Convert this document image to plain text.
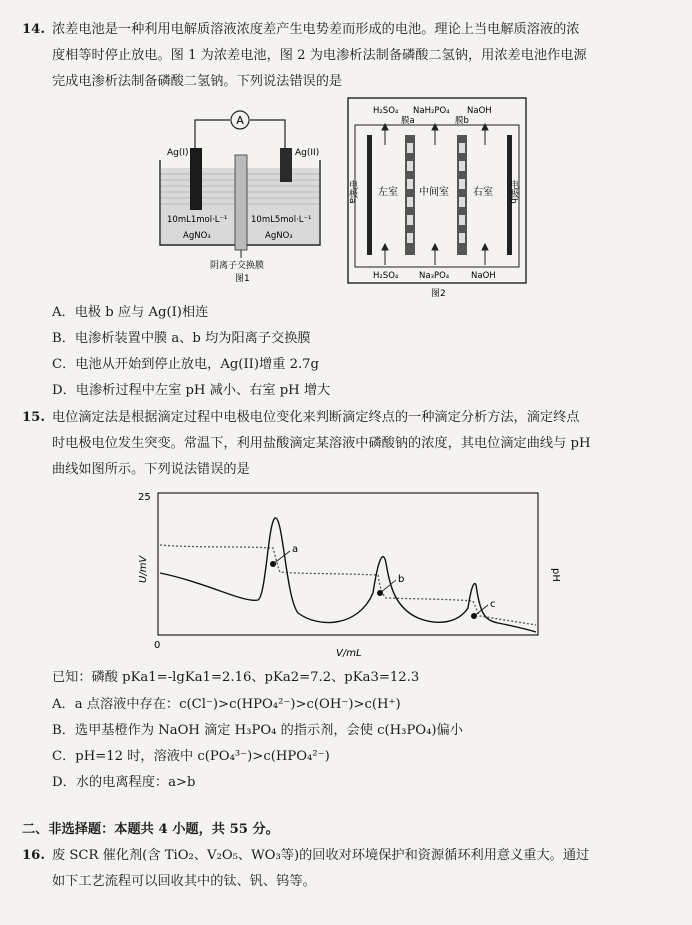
14. 浓差电池是一种利用电解质溶液浓度差产生电势差而形成的电池。理论上当电解质溶液的浓
度相等时停止放电。图 1 为浓差电池，图 2 为电渗析法制备磷酸二氢钠，用浓差电池作电源
完成电渗析法制备磷酸二氢钠。下列说法错误的是
A
Ag(I)	Ag(II)
10mL1mol·L⁻¹	10mL5mol·L⁻¹
AgNO₃	AgNO₃
阴离子交换膜
图1
H₂SO₄ NaH₂PO₄ NaOH
膜a	膜b
电极a	电极b
左室 中间室 右室
H₂SO₄ Na₃PO₄	NaOH
图2
A．电极 b 应与 Ag(I)相连
B．电渗析装置中膜 a、b 均为阳离子交换膜
C．电池从开始到停止放电，Ag(II)增重 2.7g
D．电渗析过程中左室 pH 减小、右室 pH 增大
15. 电位滴定法是根据滴定过程中电极电位变化来判断滴定终点的一种滴定分析方法，滴定终点
时电极电位发生突变。常温下，利用盐酸滴定某溶液中磷酸钠的浓度，其电位滴定曲线与 pH
曲线如图所示。下列说法错误的是
25
0
U/mV	pH
V/mL
a
b
c
已知：磷酸 pKa1=-lgKa1=2.16、pKa2=7.2、pKa3=12.3
A．a 点溶液中存在：c(Cl⁻)>c(HPO₄²⁻)>c(OH⁻)>c(H⁺)
B．选甲基橙作为 NaOH 滴定 H₃PO₄ 的指示剂，会使 c(H₃PO₄)偏小
C．pH=12 时，溶液中 c(PO₄³⁻)>c(HPO₄²⁻)
D．水的电离程度：a>b
二、非选择题：本题共 4 小题，共 55 分。
16. 废 SCR 催化剂(含 TiO₂、V₂O₅、WO₃等)的回收对环境保护和资源循环利用意义重大。通过
如下工艺流程可以回收其中的钛、钒、钨等。
